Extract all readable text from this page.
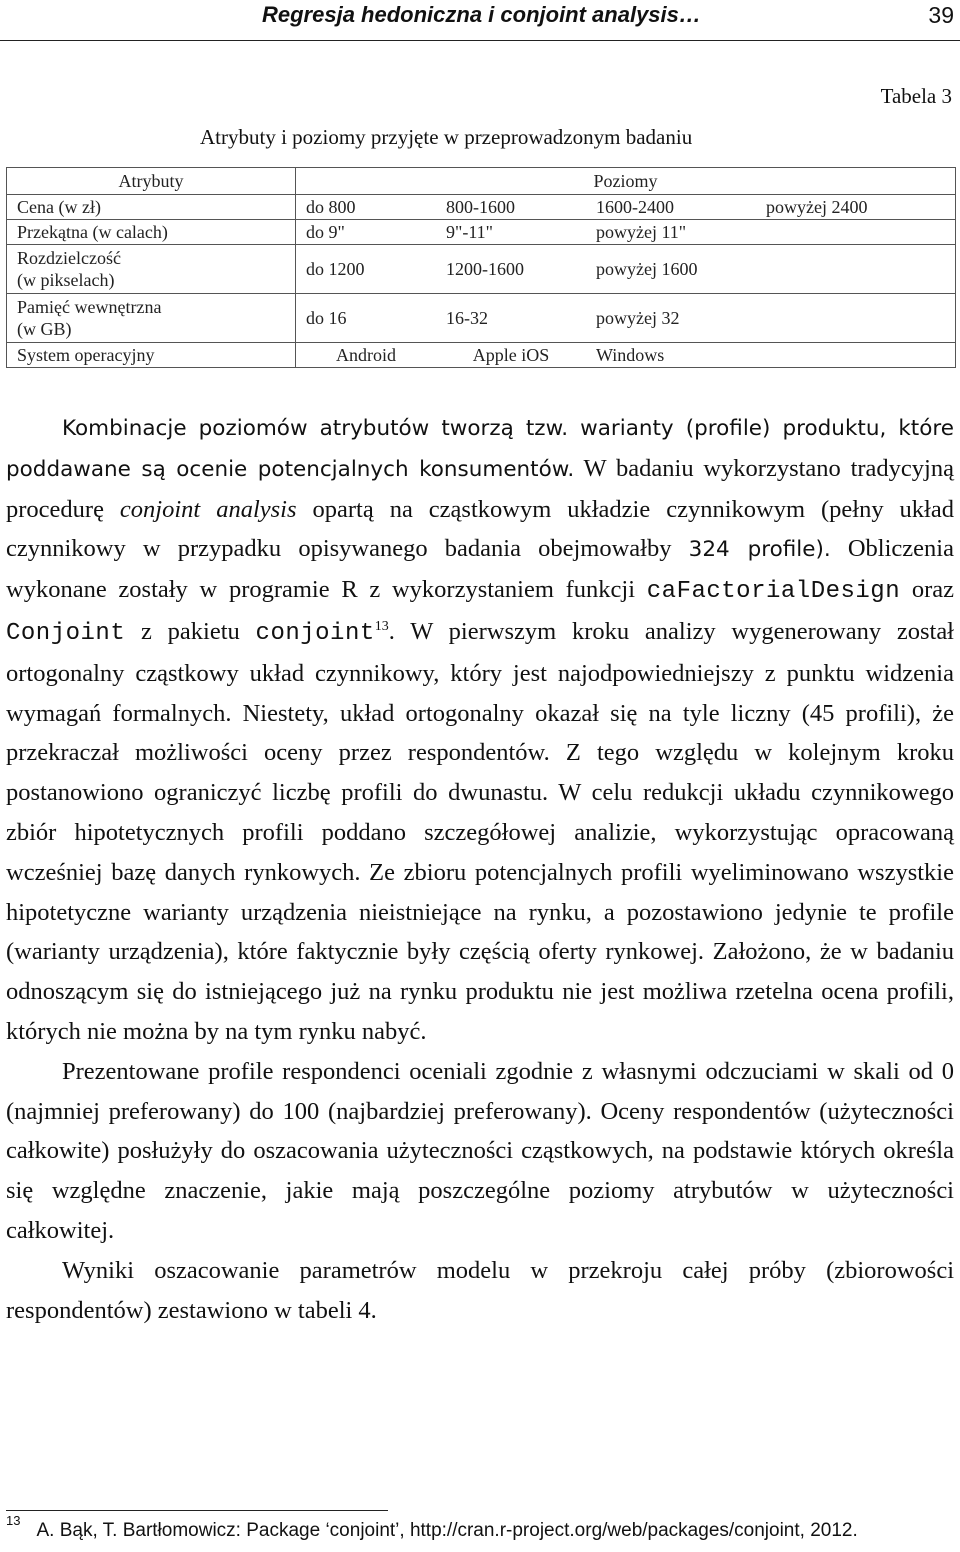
Regresja hedoniczna i conjoint analysis…	39
Tabela 3
Atrybuty i poziomy przyjęte w przeprowadzonym badaniu
Atrybuty	Poziomy			
Cena (w zł)	do 800	800-1600	1600-2400	powyżej 2400
Przekątna (w calach)	do 9"	9"-11"	powyżej 11"	
Rozdzielczość
(w pikselach)	do 1200	1200-1600	powyżej 1600	
Pamięć wewnętrzna
(w GB)	do 16	16-32	powyżej 32	
System operacyjny	Android	Apple iOS	Windows	

Kombinacje poziomów atrybutów tworzą tzw. warianty (profile) produktu, które poddawane są ocenie potencjalnych konsumentów. W badaniu wykorzystano tradycyjną procedurę conjoint analysis opartą na cząstkowym układzie czynnikowym (pełny układ czynnikowy w przypadku opisywanego badania obejmowałby 324 profile). Obliczenia wykonane zostały w programie R z wykorzystaniem funkcji caFactorialDesign oraz Conjoint z pakietu conjoint$^{13}$. W pierwszym kroku analizy wygenerowany został ortogonalny cząstkowy układ czynnikowy, który jest najodpowiedniejszy z punktu widzenia wymagań formalnych. Niestety, układ ortogonalny okazał się na tyle liczny (45 profili), że przekraczał możliwości oceny przez respondentów. Z tego względu w kolejnym kroku postanowiono ograniczyć liczbę profili do dwunastu. W celu redukcji układu czynnikowego zbiór hipotetycznych profili poddano szczegółowej analizie, wykorzystując opracowaną wcześniej bazę danych rynkowych. Ze zbioru potencjalnych profili wyeliminowano wszystkie hipotetyczne warianty urządzenia nieistniejące na rynku, a pozostawiono jedynie te profile (warianty urządzenia), które faktycznie były częścią oferty rynkowej. Założono, że w badaniu odnoszącym się do istniejącego już na rynku produktu nie jest możliwa rzetelna ocena profili, których nie można by na tym rynku nabyć.

Prezentowane profile respondenci oceniali zgodnie z własnymi odczuciami w skali od 0 (najmniej preferowany) do 100 (najbardziej preferowany). Oceny respondentów (użyteczności całkowite) posłużyły do oszacowania użyteczności cząstkowych, na podstawie których określa się względne znaczenie, jakie mają poszczególne poziomy atrybutów w użyteczności całkowitej.

Wyniki oszacowanie parametrów modelu w przekroju całej próby (zbiorowości respondentów) zestawiono w tabeli 4.

$^{13}$ A. Bąk, T. Bartłomowicz: Package ‘conjoint’, http://cran.r-project.org/web/packages/conjoint, 2012.
